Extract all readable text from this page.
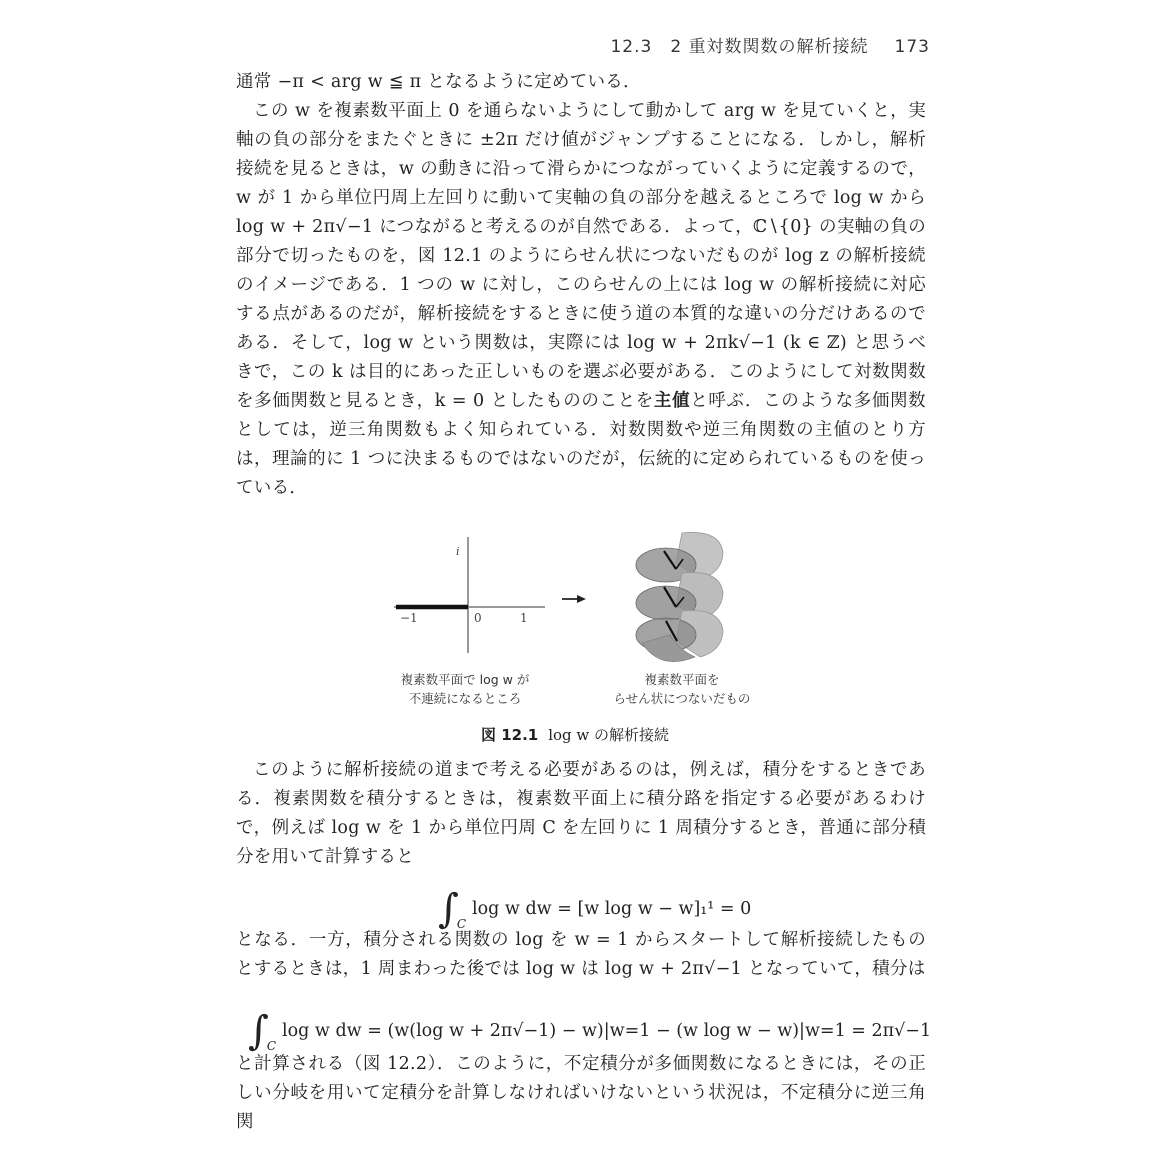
12.3　2 重対数関数の解析接続 173
通常 −π < arg w ≦ π となるように定めている．
この w を複素数平面上 0 を通らないようにして動かして arg w を見ていくと，実軸の負の部分をまたぐときに ±2π だけ値がジャンプすることになる．しかし，解析接続を見るときは，w の動きに沿って滑らかにつながっていくように定義するので，w が 1 から単位円周上左回りに動いて実軸の負の部分を越えるところで log w から log w + 2π√−1 につながると考えるのが自然である．よって，ℂ∖{0} の実軸の負の部分で切ったものを，図 12.1 のようにらせん状につないだものが log z の解析接続のイメージである．1 つの w に対し，このらせんの上には log w の解析接続に対応する点があるのだが，解析接続をするときに使う道の本質的な違いの分だけあるのである．そして，log w という関数は，実際には log w + 2πk√−1 (k ∈ ℤ) と思うべきで，この k は目的にあった正しいものを選ぶ必要がある．このようにして対数関数を多価関数と見るとき，k = 0 としたもののことを主値と呼ぶ．このような多価関数としては，逆三角関数もよく知られている．対数関数や逆三角関数の主値のとり方は，理論的に 1 つに決まるものではないのだが，伝統的に定められているものを使っている．
i
−1	0	1
複素数平面で log w が
不連続になるところ
複素数平面を
らせん状につないだもの
図 12.1 log w の解析接続
このように解析接続の道まで考える必要があるのは，例えば，積分をするときである．複素関数を積分するときは，複素数平面上に積分路を指定する必要があるわけで，例えば log w を 1 から単位円周 C を左回りに 1 周積分するとき，普通に部分積分を用いて計算すると
$\int_C\log$ w dw = [w log w − w]₁¹ = 0
となる．一方，積分される関数の log を w = 1 からスタートして解析接続したものとするときは，1 周まわった後では log w は log w + 2π√−1 となっていて，積分は
$\int_C\log$ w dw = (w(log w + 2π√−1) − w)|w=1 − (w log w − w)|w=1 = 2π√−1
と計算される（図 12.2）．このように，不定積分が多価関数になるときには，その正しい分岐を用いて定積分を計算しなければいけないという状況は，不定積分に逆三角関
